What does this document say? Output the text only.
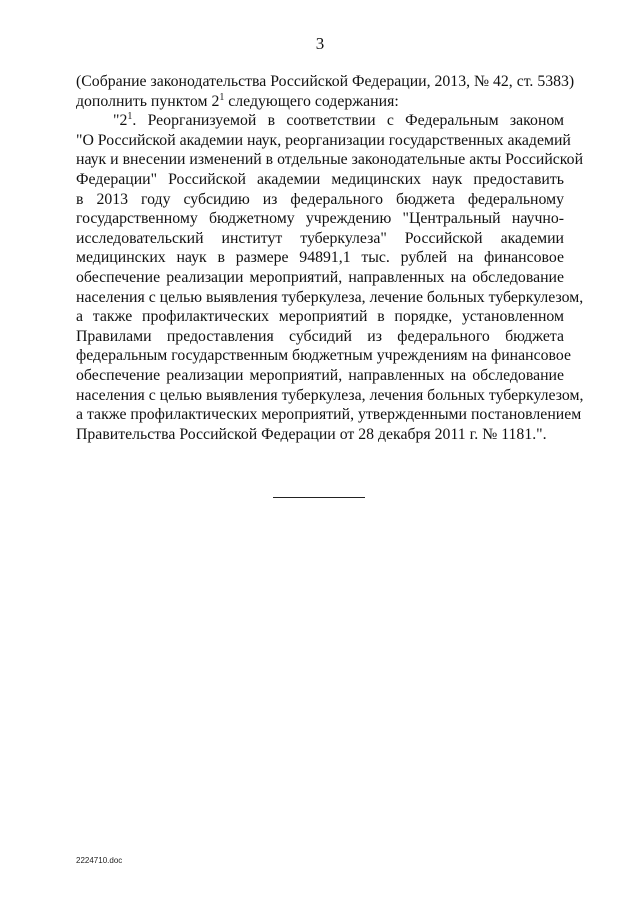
3
(Собрание законодательства Российской Федерации, 2013, № 42, ст. 5383)
дополнить пунктом $2^1$ следующего содержания:
"$2^1$. Реорганизуемой в соответствии с Федеральным законом
"О Российской академии наук, реорганизации государственных академий
наук и внесении изменений в отдельные законодательные акты Российской
Федерации" Российской академии медицинских наук предоставить
в 2013 году субсидию из федерального бюджета федеральному
государственному бюджетному учреждению "Центральный научно-
исследовательский институт туберкулеза" Российской академии
медицинских наук в размере 94891,1 тыс. рублей на финансовое
обеспечение реализации мероприятий, направленных на обследование
населения с целью выявления туберкулеза, лечение больных туберкулезом,
а также профилактических мероприятий в порядке, установленном
Правилами предоставления субсидий из федерального бюджета
федеральным государственным бюджетным учреждениям на финансовое
обеспечение реализации мероприятий, направленных на обследование
населения с целью выявления туберкулеза, лечения больных туберкулезом,
а также профилактических мероприятий, утвержденными постановлением
Правительства Российской Федерации от 28 декабря 2011 г. № 1181.".
2224710.doc
